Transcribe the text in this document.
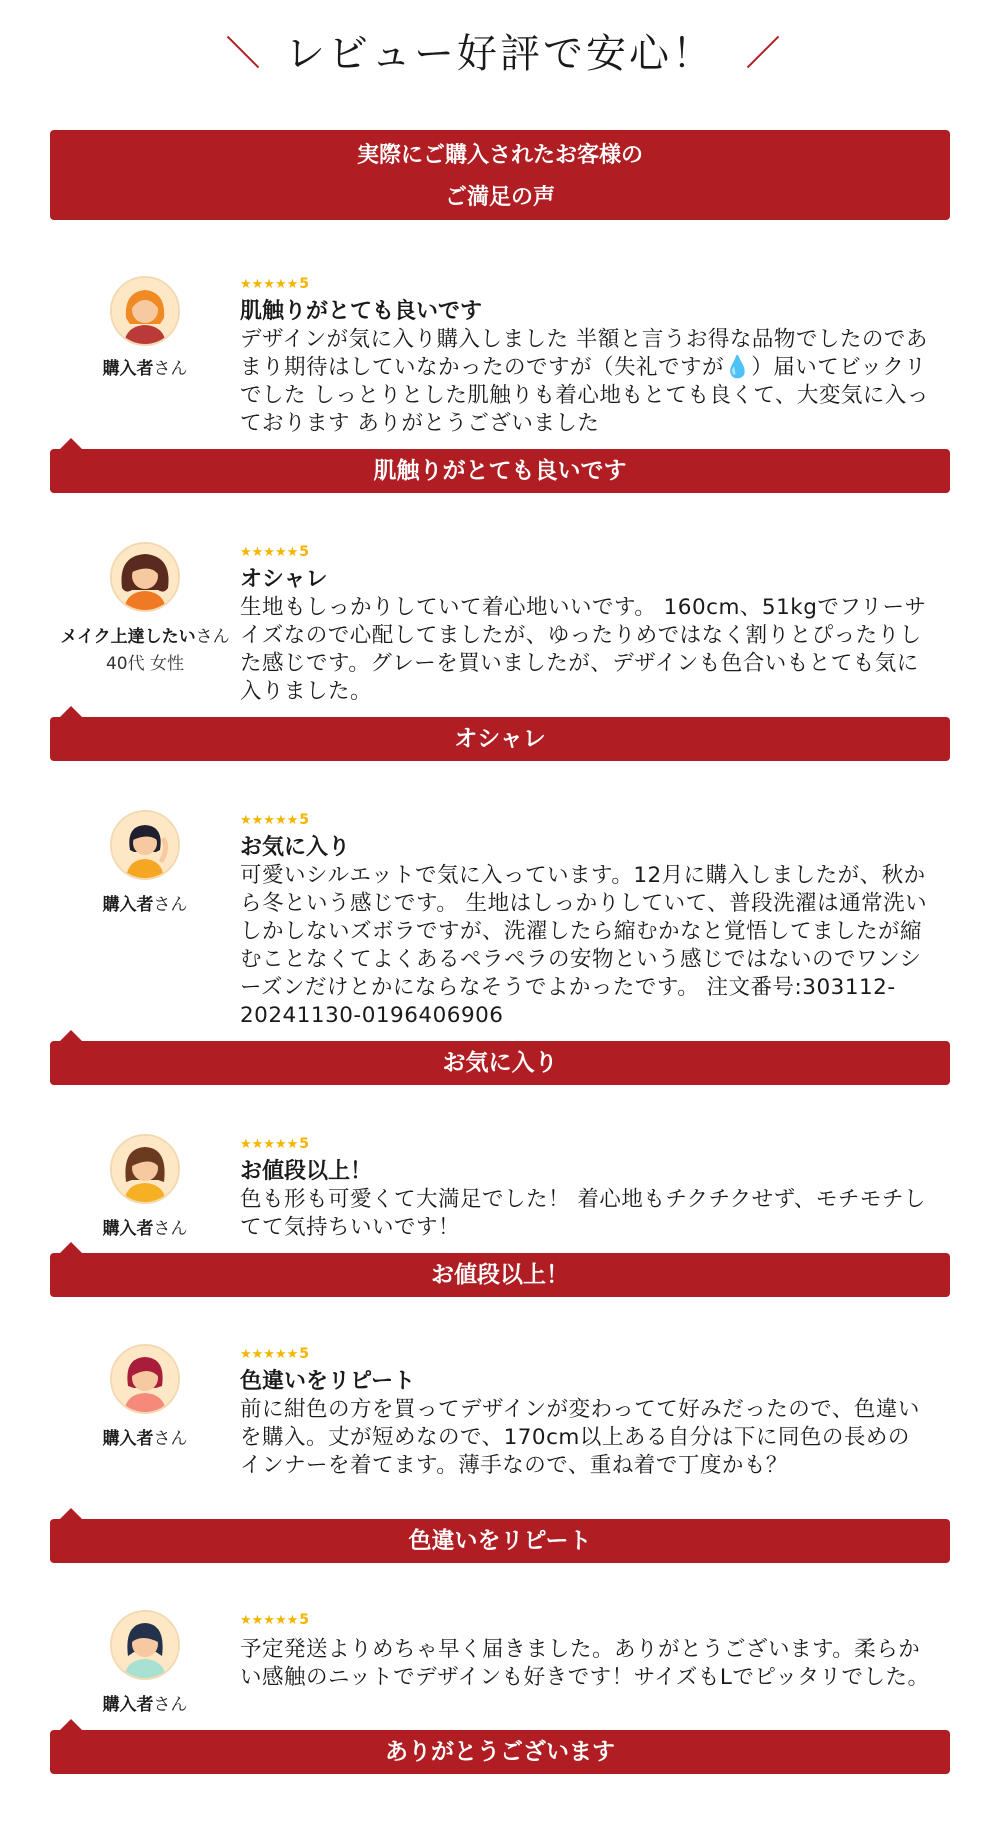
レビュー好評で安心！
実際にご購入されたお客様の
ご満足の声
購入者さん
★★★★★5
肌触りがとても良いです
デザインが気に入り購入しました 半額と言うお得な品物でしたのであまり期待はしていなかったのですが（失礼ですが💧）届いてビックリでした しっとりとした肌触りも着心地もとても良くて、大変気に入っております ありがとうございました
肌触りがとても良いです
メイク上達したいさん
40代 女性
★★★★★5
オシャレ
生地もしっかりしていて着心地いいです。 160cm、51kgでフリーサイズなので心配してましたが、ゆったりめではなく割りとぴったりした感じです。グレーを買いましたが、デザインも色合いもとても気に入りました。
オシャレ
購入者さん
★★★★★5
お気に入り
可愛いシルエットで気に入っています。12月に購入しましたが、秋から冬という感じです。 生地はしっかりしていて、普段洗濯は通常洗いしかしないズボラですが、洗濯したら縮むかなと覚悟してましたが縮むことなくてよくあるペラペラの安物という感じではないのでワンシーズンだけとかにならなそうでよかったです。 注文番号:303112-20241130-0196406906
お気に入り
購入者さん
★★★★★5
お値段以上！
色も形も可愛くて大満足でした！ 着心地もチクチクせず、モチモチしてて気持ちいいです！
お値段以上！
購入者さん
★★★★★5
色違いをリピート
前に紺色の方を買ってデザインが変わってて好みだったので、色違いを購入。丈が短めなので、170cm以上ある自分は下に同色の長めのインナーを着てます。薄手なので、重ね着で丁度かも？
色違いをリピート
購入者さん
★★★★★5
予定発送よりめちゃ早く届きました。ありがとうございます。柔らかい感触のニットでデザインも好きです！サイズもLでピッタリでした。
ありがとうございます
